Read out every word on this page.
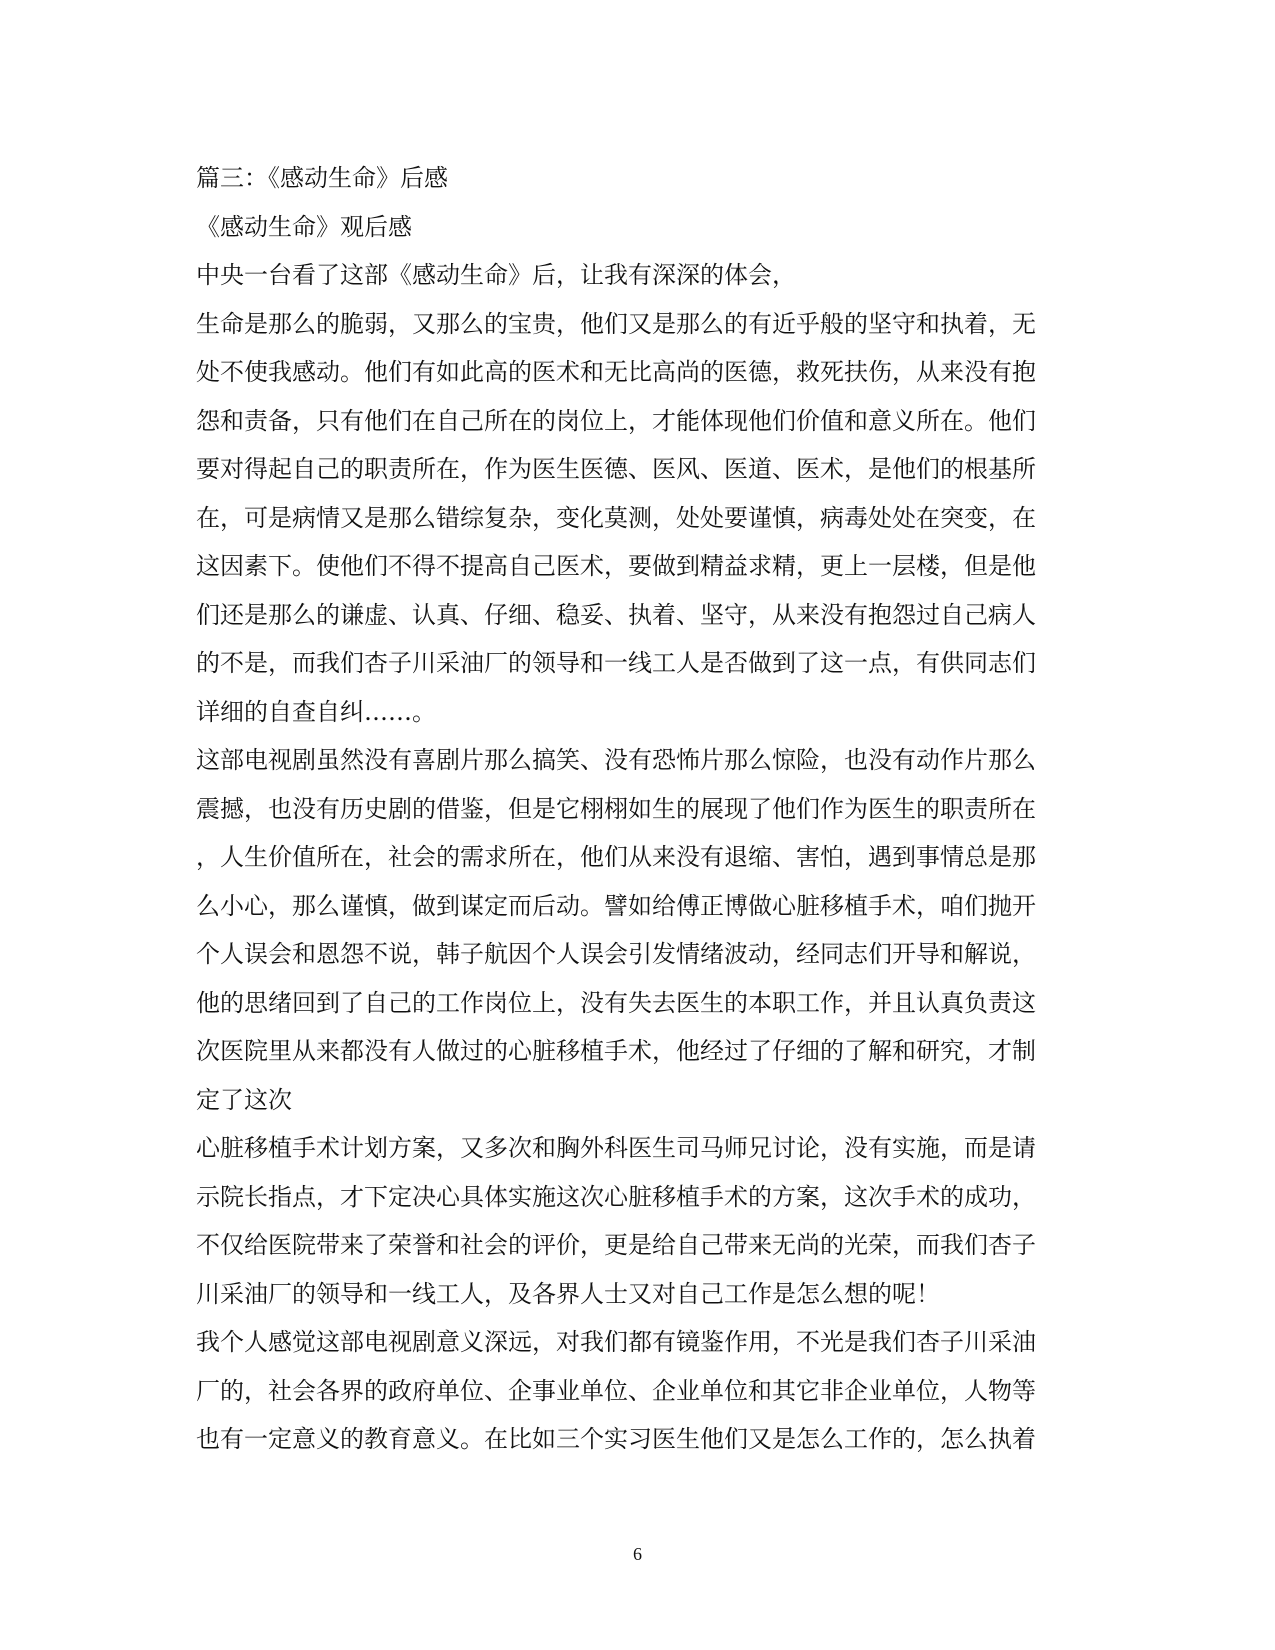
篇三：《感动生命》后感
《感动生命》观后感
中央一台看了这部《感动生命》后，让我有深深的体会，
生命是那么的脆弱，又那么的宝贵，他们又是那么的有近乎般的坚守和执着，无
处不使我感动。他们有如此高的医术和无比高尚的医德，救死扶伤，从来没有抱
怨和责备，只有他们在自己所在的岗位上，才能体现他们价值和意义所在。他们
要对得起自己的职责所在，作为医生医德、医风、医道、医术，是他们的根基所
在，可是病情又是那么错综复杂，变化莫测，处处要谨慎，病毒处处在突变，在
这因素下。使他们不得不提高自己医术，要做到精益求精，更上一层楼，但是他
们还是那么的谦虚、认真、仔细、稳妥、执着、坚守，从来没有抱怨过自己病人
的不是，而我们杏子川采油厂的领导和一线工人是否做到了这一点，有供同志们
详细的自查自纠……。
这部电视剧虽然没有喜剧片那么搞笑、没有恐怖片那么惊险，也没有动作片那么
震撼，也没有历史剧的借鉴，但是它栩栩如生的展现了他们作为医生的职责所在
，人生价值所在，社会的需求所在，他们从来没有退缩、害怕，遇到事情总是那
么小心，那么谨慎，做到谋定而后动。譬如给傅正博做心脏移植手术，咱们抛开
个人误会和恩怨不说，韩子航因个人误会引发情绪波动，经同志们开导和解说，
他的思绪回到了自己的工作岗位上，没有失去医生的本职工作，并且认真负责这
次医院里从来都没有人做过的心脏移植手术，他经过了仔细的了解和研究，才制
定了这次
心脏移植手术计划方案，又多次和胸外科医生司马师兄讨论，没有实施，而是请
示院长指点，才下定决心具体实施这次心脏移植手术的方案，这次手术的成功，
不仅给医院带来了荣誉和社会的评价，更是给自己带来无尚的光荣，而我们杏子
川采油厂的领导和一线工人，及各界人士又对自己工作是怎么想的呢！
我个人感觉这部电视剧意义深远，对我们都有镜鉴作用，不光是我们杏子川采油
厂的，社会各界的政府单位、企事业单位、企业单位和其它非企业单位，人物等
也有一定意义的教育意义。在比如三个实习医生他们又是怎么工作的，怎么执着
6
